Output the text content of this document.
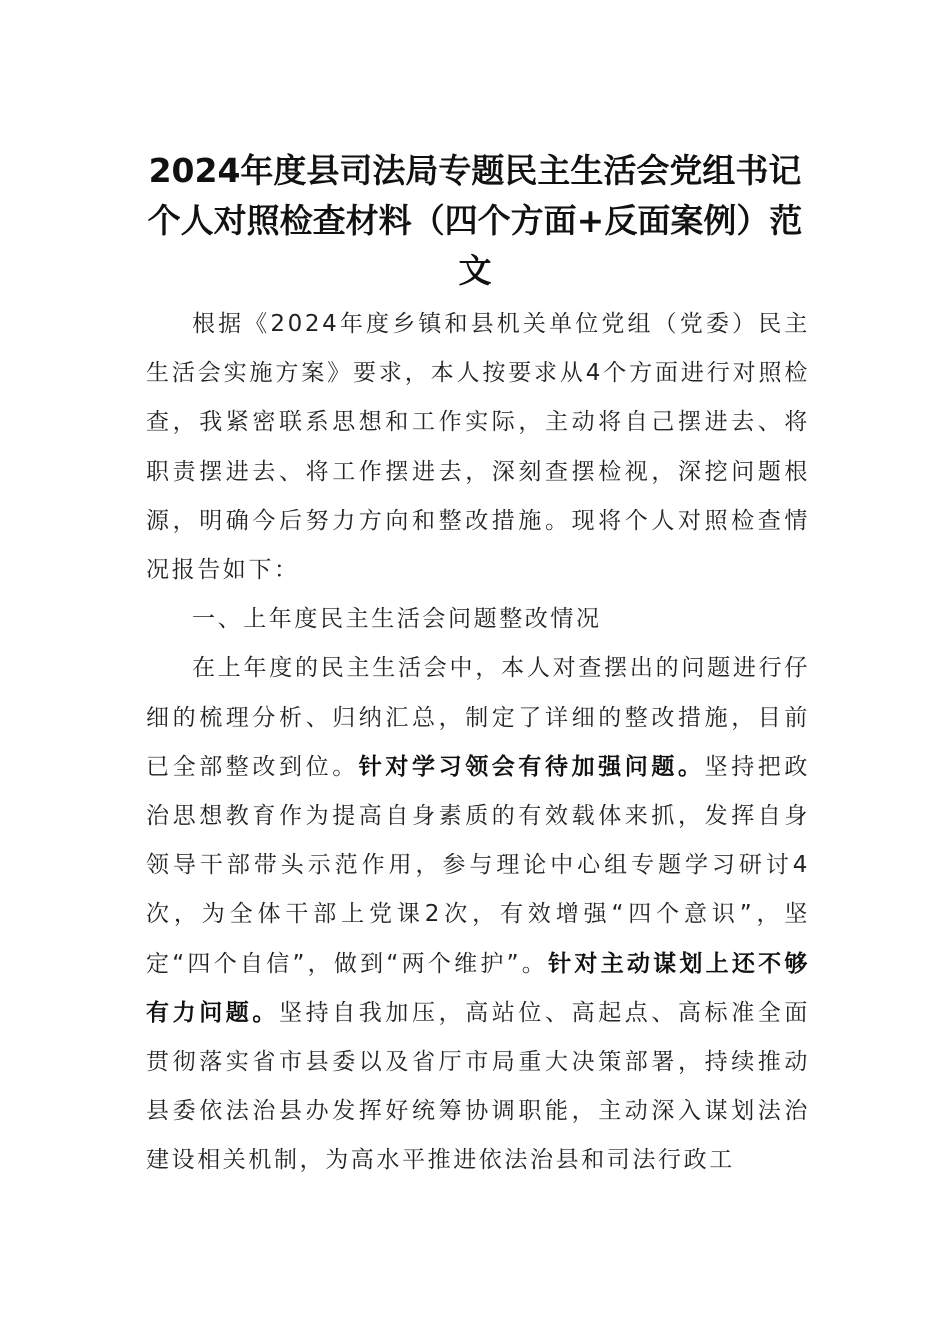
2024年度县司法局专题民主生活会党组书记个人对照检查材料（四个方面+反面案例）范文

根据《2024年度乡镇和县机关单位党组（党委）民主生活会实施方案》要求，本人按要求从4个方面进行对照检查，我紧密联系思想和工作实际，主动将自己摆进去、将职责摆进去、将工作摆进去，深刻查摆检视，深挖问题根源，明确今后努力方向和整改措施。现将个人对照检查情况报告如下：

一、上年度民主生活会问题整改情况

在上年度的民主生活会中，本人对查摆出的问题进行仔细的梳理分析、归纳汇总，制定了详细的整改措施，目前已全部整改到位。针对学习领会有待加强问题。坚持把政治思想教育作为提高自身素质的有效载体来抓，发挥自身领导干部带头示范作用，参与理论中心组专题学习研讨4次，为全体干部上党课2次，有效增强“四个意识”，坚定“四个自信”，做到“两个维护”。针对主动谋划上还不够有力问题。坚持自我加压，高站位、高起点、高标准全面贯彻落实省市县委以及省厅市局重大决策部署，持续推动县委依法治县办发挥好统筹协调职能，主动深入谋划法治建设相关机制，为高水平推进依法治县和司法行政工
